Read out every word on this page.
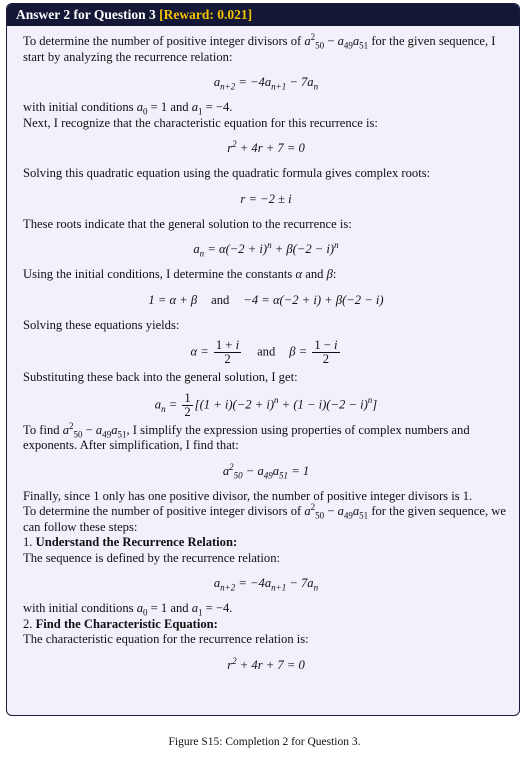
Answer 2 for Question 3 [Reward: 0.021]

To determine the number of positive integer divisors of $a^2_{50} - a_{49}a_{51}$ for the given sequence, I start by analyzing the recurrence relation:

$a_{n+2} = -4a_{n+1} - 7a_n$

with initial conditions $a_0 = 1$ and $a_1 = -4$.

Next, I recognize that the characteristic equation for this recurrence is:

$r^2 + 4r + 7 = 0$

Solving this quadratic equation using the quadratic formula gives complex roots:

r = −2 ± i

These roots indicate that the general solution to the recurrence is:

$a_n = \alpha(-2 + i)^n + \beta(-2 - i)^n$

Using the initial conditions, I determine the constants α and β:

1 = α + β and −4 = α(−2 + i) + β(−2 − i)

Solving these equations yields:

$\alpha = \frac{1 + i}{2}$ and $\beta = \frac{1 - i}{2}$

Substituting these back into the general solution, I get:

$a_n = \frac{1}{2} [(1 + i)(-2 + i)^n + (1 - i)(-2 - i)^n]$

To find $a^2_{50} - a_{49}a_{51}$, I simplify the expression using properties of complex numbers and exponents. After simplification, I find that:

$a^2_{50} - a_{49}a_{51} = 1$

Finally, since 1 only has one positive divisor, the number of positive integer divisors is 1.

To determine the number of positive integer divisors of $a^2_{50} - a_{49}a_{51}$ for the given sequence, we can follow these steps:

1. Understand the Recurrence Relation:

The sequence is defined by the recurrence relation:

$a_{n+2} = -4a_{n+1} - 7a_n$

with initial conditions $a_0 = 1$ and $a_1 = -4$.

2. Find the Characteristic Equation:

The characteristic equation for the recurrence relation is:

$r^2 + 4r + 7 = 0$
Figure S15: Completion 2 for Question 3.
